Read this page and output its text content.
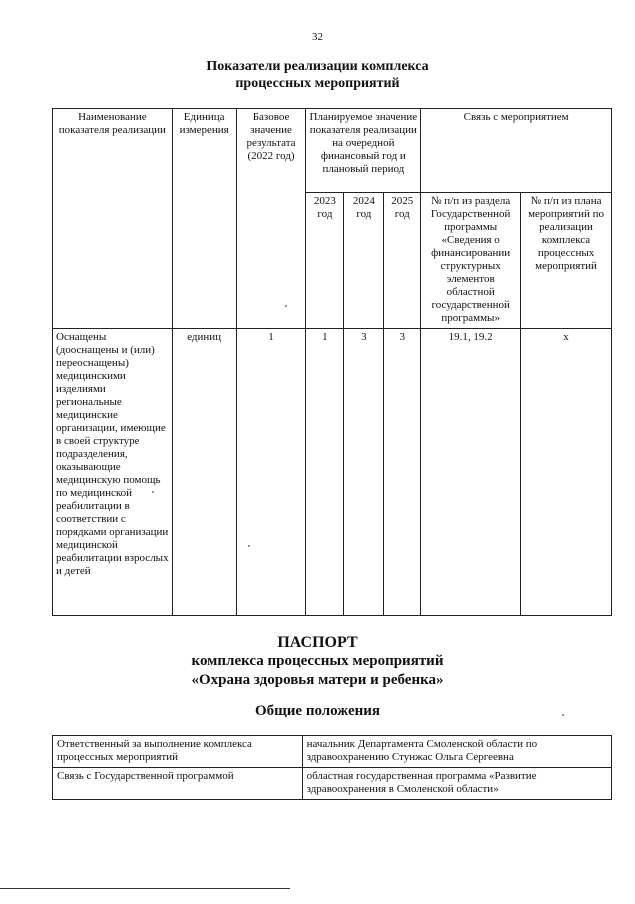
32
Показатели реализации комплекса
процессных мероприятий
Наименование показателя реализации	Единица измерения	Базовое значение результата (2022 год)	Планируемое значение показателя реализации на очередной финансовый год и плановый период			Связь с мероприятием	
			2023 год	2024 год	2025 год	№ п/п из раздела Государственной программы «Сведения о финансировании структурных элементов областной государственной программы»	№ п/п из плана мероприятий по реализации комплекса процессных мероприятий
Оснащены (дооснащены и (или) переоснащены) медицинскими изделиями региональные медицинские организации, имеющие в своей структуре подразделения, оказывающие медицинскую помощь по медицинской реабилитации в соответствии с порядками организации медицинской реабилитации взрослых и детей	единиц	1	1	3	3	19.1, 19.2	х
ПАСПОРТ
комплекса процессных мероприятий
«Охрана здоровья матери и ребенка»
Общие положения
Ответственный за выполнение комплекса процессных мероприятий	начальник Департамента Смоленской области по здравоохранению Стунжас Ольга Сергеевна
Связь с Государственной программой	областная государственная программа «Развитие здравоохранения в Смоленской области»
